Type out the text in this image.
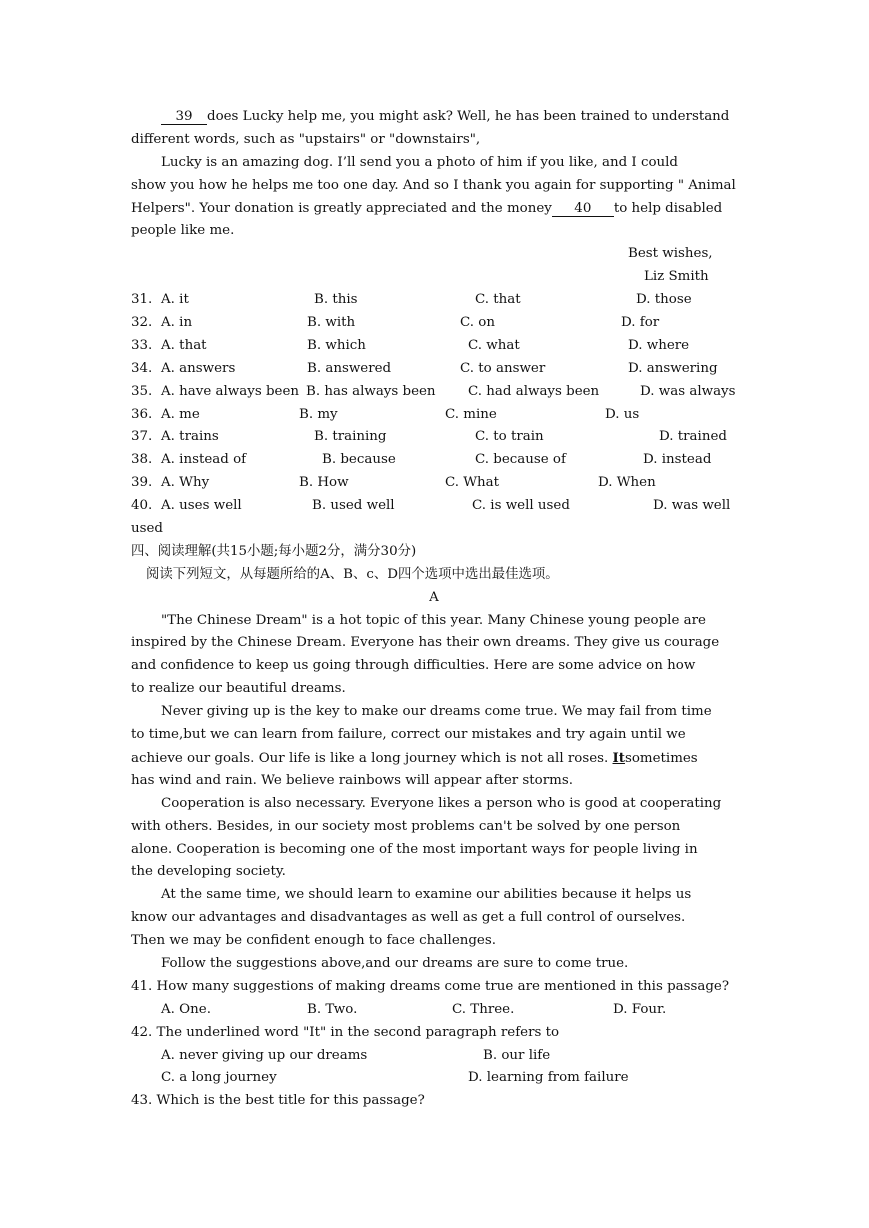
39 does Lucky help me, you might ask? Well, he has been trained to understand
different words, such as "upstairs" or "downstairs",
Lucky is an amazing dog. I’ll send you a photo of him if you like, and I could
show you how he helps me too one day. And so I thank you again for supporting " Animal
Helpers". Your donation is greatly appreciated and the money 40 to help disabled
people like me.
Best wishes,
Liz Smith
31. A. it	B. this	C. that	D. those
32. A. in	B. with	C. on	D. for
33. A. that	B. which	C. what	D. where
34. A. answers	B. answered	C. to answer	D. answering
35. A. have always been B. has always been C. had always been	D. was always
36. A. me	B. my	C. mine	D. us
37. A. trains	B. training	C. to train	D. trained
38. A. instead of	B. because	C. because of	D. instead
39. A. Why	B. How	C. What	D. When
40. A. uses well	B. used well	C. is well used	D. was well
used
四、阅读理解(共15小题;每小题2分，满分30分)
阅读下列短文，从每题所给的A、B、c、D四个选项中选出最佳选项。
A
"The Chinese Dream" is a hot topic of this year. Many Chinese young people are
inspired by the Chinese Dream. Everyone has their own dreams. They give us courage
and confidence to keep us going through difficulties. Here are some advice on how
to realize our beautiful dreams.
Never giving up is the key to make our dreams come true. We may fail from time
to time,but we can learn from failure, correct our mistakes and try again until we
achieve our goals. Our life is like a long journey which is not all roses. Itsometimes
has wind and rain. We believe rainbows will appear after storms.
Cooperation is also necessary. Everyone likes a person who is good at cooperating
with others. Besides, in our society most problems can't be solved by one person
alone. Cooperation is becoming one of the most important ways for people living in
the developing society.
At the same time, we should learn to examine our abilities because it helps us
know our advantages and disadvantages as well as get a full control of ourselves.
Then we may be confident enough to face challenges.
Follow the suggestions above,and our dreams are sure to come true.
41. How many suggestions of making dreams come true are mentioned in this passage?
A. One.	B. Two.	C. Three.	D. Four.
42. The underlined word "It" in the second paragraph refers to
A. never giving up our dreams	B. our life
C. a long journey	D. learning from failure
43. Which is the best title for this passage?
